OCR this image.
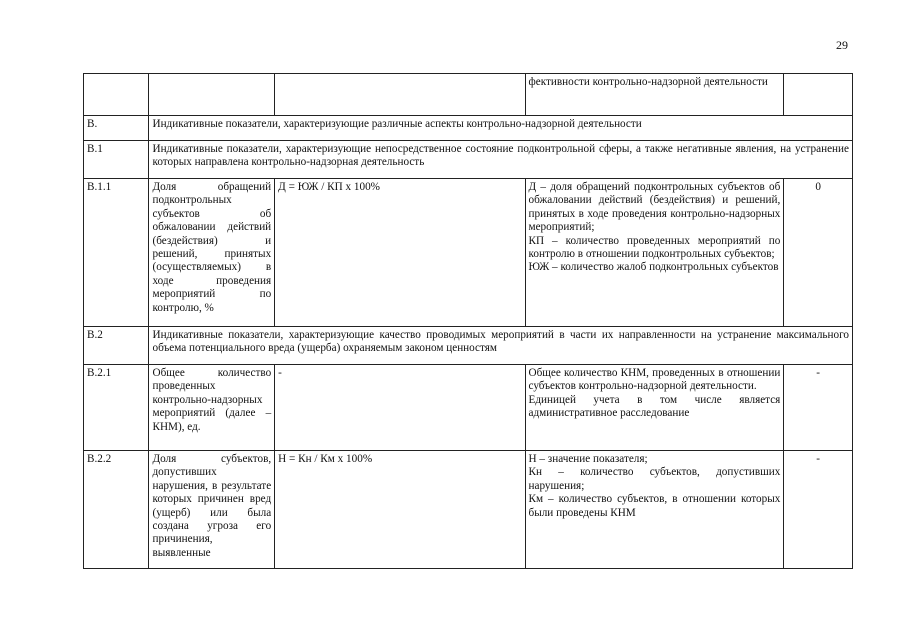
29
			фективности контрольно-надзорной деятельности	
В.	Индикативные показатели, характеризующие различные аспекты контрольно-надзорной деятельности			
В.1	Индикативные показатели, характеризующие непосредственное состояние подконтрольной сферы, а также негативные явления, на устранение которых направлена контрольно-надзорная деятельность			
В.1.1	Доля обращений подконтрольных субъектов об обжаловании действий (бездействия) и решений, принятых (осуществляемых) в ходе проведения мероприятий по контролю, %	Д = ЮЖ / КП х 100%	Д – доля обращений подконтрольных субъектов об обжаловании действий (бездействия) и решений, принятых в ходе проведения контрольно-надзорных мероприятий;
КП – количество проведенных мероприятий по контролю в отношении подконтрольных субъектов;
ЮЖ – количество жалоб подконтрольных субъектов	0
В.2	Индикативные показатели, характеризующие качество проводимых мероприятий в части их направленности на устранение максимального объема потенциального вреда (ущерба) охраняемым законом ценностям			
В.2.1	Общее количество проведенных контрольно-надзорных мероприятий (далее – КНМ), ед.	-	Общее количество КНМ, проведенных в отношении субъектов контрольно-надзорной деятельности.
Единицей учета в том числе является административное расследование	-
В.2.2	Доля субъектов, допустивших нарушения, в результате которых причинен вред (ущерб) или была создана угроза его причинения, выявленные	Н = Кн / Км х 100%	Н – значение показателя;
Кн – количество субъектов, допустивших нарушения;
Км – количество субъектов, в отношении которых были проведены КНМ	-
